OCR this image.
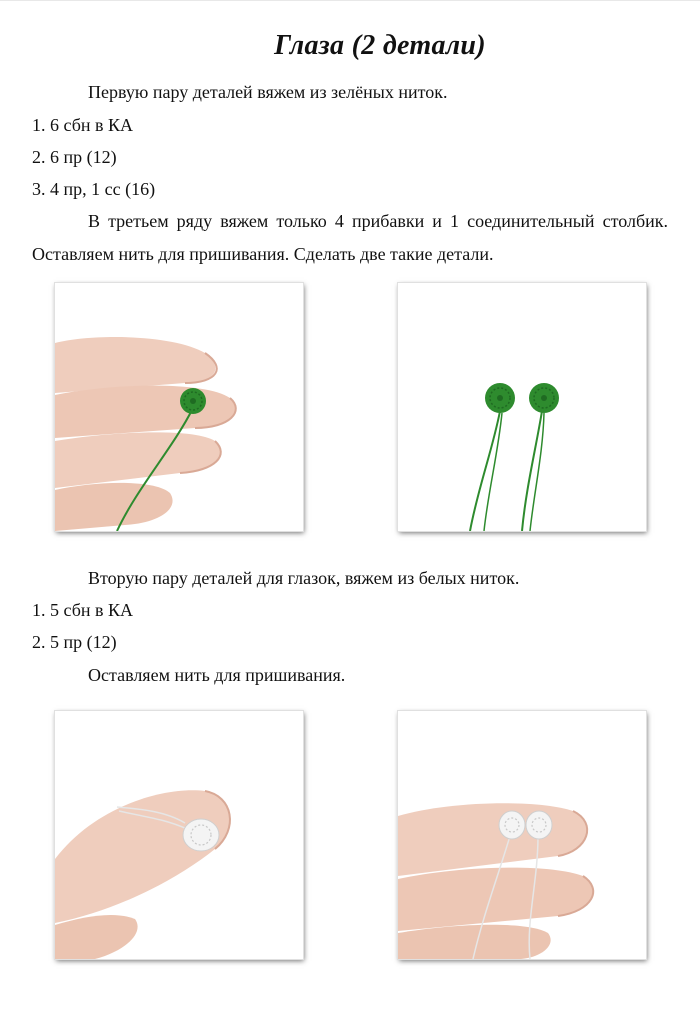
Глаза (2 детали)

Первую пару деталей вяжем из зелёных ниток.

1. 6 сбн в КА

2. 6 пр (12)

3. 4 пр, 1 сс (16)

В третьем ряду вяжем только 4 прибавки и 1 соединительный столбик. Оставляем нить для пришивания. Сделать две такие детали.

Вторую пару деталей для глазок, вяжем из белых ниток.

1. 5 сбн в КА

2. 5 пр (12)

Оставляем нить для пришивания.
